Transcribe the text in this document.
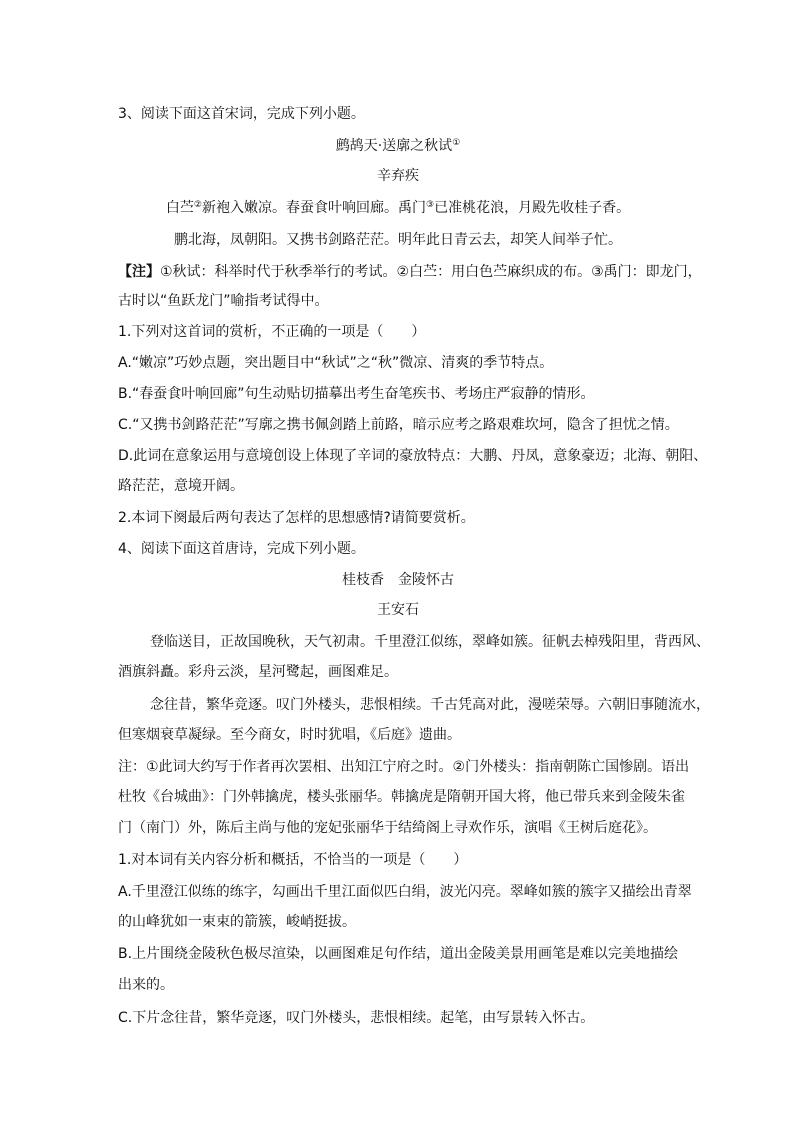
3、阅读下面这首宋词，完成下列小题。
鹧鸪天·送廓之秋试①
辛弃疾
白苎②新袍入嫩凉。春蚕食叶响回廊。禹门③已准桃花浪，月殿先收桂子香。
鹏北海，凤朝阳。又携书剑路茫茫。明年此日青云去，却笑人间举子忙。
【注】①秋试：科举时代于秋季举行的考试。②白苎：用白色苎麻织成的布。③禹门：即龙门，
古时以“鱼跃龙门”喻指考试得中。
1.下列对这首词的赏析，不正确的一项是（　　）
A.“嫩凉”巧妙点题，突出题目中“秋试”之“秋”微凉、清爽的季节特点。
B.“春蚕食叶响回廊”句生动贴切描摹出考生奋笔疾书、考场庄严寂静的情形。
C.“又携书剑路茫茫”写廓之携书佩剑踏上前路，暗示应考之路艰难坎坷，隐含了担忧之情。
D.此词在意象运用与意境创设上体现了辛词的豪放特点：大鹏、丹凤，意象豪迈；北海、朝阳、
路茫茫，意境开阔。
2.本词下阕最后两句表达了怎样的思想感情?请简要赏析。
4、阅读下面这首唐诗，完成下列小题。
桂枝香　金陵怀古
王安石
登临送目，正故国晚秋，天气初肃。千里澄江似练，翠峰如簇。征帆去棹残阳里，背西风、
酒旗斜矗。彩舟云淡，星河鹭起，画图难足。
念往昔，繁华竞逐。叹门外楼头，悲恨相续。千古凭高对此，漫嗟荣辱。六朝旧事随流水，
但寒烟衰草凝绿。至今商女，时时犹唱，《后庭》遗曲。
注：①此词大约写于作者再次罢相、出知江宁府之时。②门外楼头：指南朝陈亡国惨剧。语出
杜牧《台城曲》：门外韩擒虎，楼头张丽华。韩擒虎是隋朝开国大将，他已带兵来到金陵朱雀
门（南门）外，陈后主尚与他的宠妃张丽华于结绮阁上寻欢作乐，演唱《王树后庭花》。
1.对本词有关内容分析和概括，不恰当的一项是（　　）
A.千里澄江似练的练字，勾画出千里江面似匹白绢，波光闪亮。翠峰如簇的簇字又描绘出青翠
的山峰犹如一束束的箭簇，峻峭挺拔。
B.上片围绕金陵秋色极尽渲染，以画图难足句作结，道出金陵美景用画笔是难以完美地描绘
出来的。
C.下片念往昔，繁华竞逐，叹门外楼头，悲恨相续。起笔，由写景转入怀古。
